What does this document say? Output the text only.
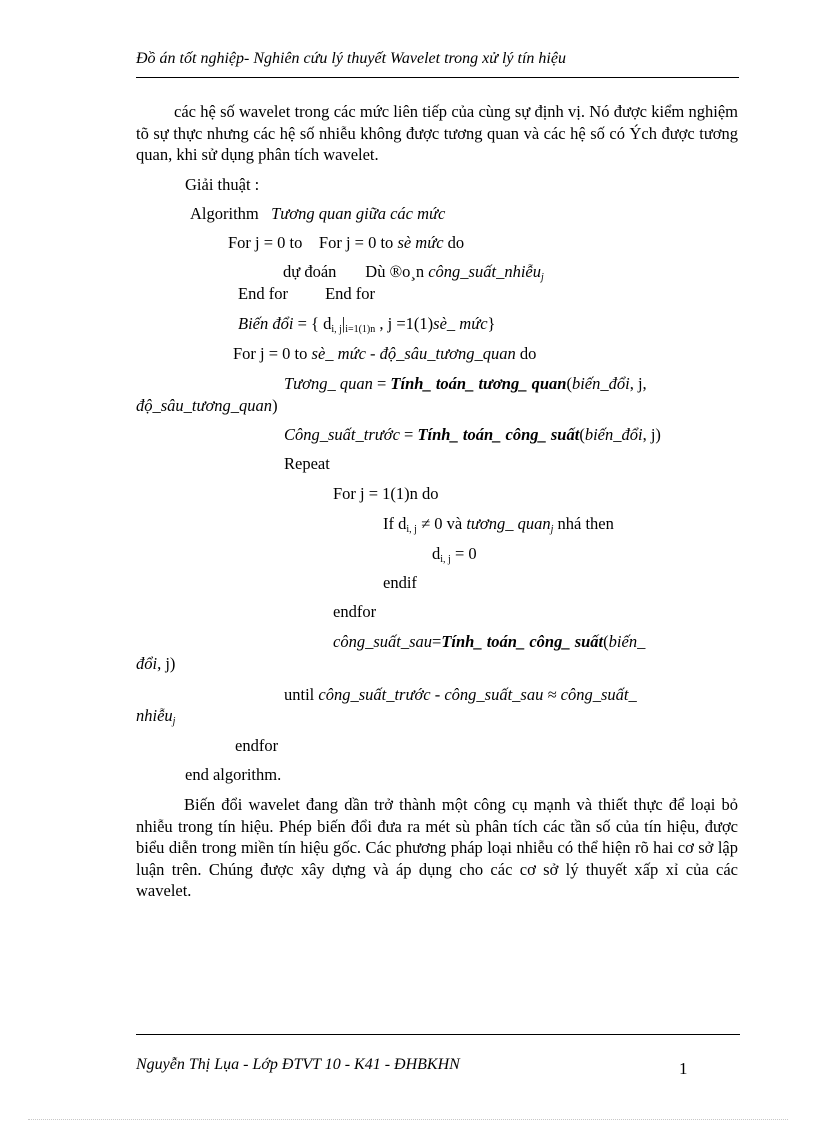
Đồ án tốt nghiệp- Nghiên cứu lý thuyết Wavelet trong xử lý tín hiệu
các hệ số wavelet trong các mức liên tiếp của cùng sự định vị. Nó được kiểm nghiệm tõ sự thực nhưng các hệ số nhiễu không được tương quan và các hệ số có Ých được tương quan, khi sử dụng phân tích wavelet.
Giải thuật :
Algorithm Tương quan giữa các mức
For j = 0 to For j = 0 to sè mức do
dự đoán Dù ®o¸n công_suất_nhiễu$_j$
End for End for
Biến đổi = { $d_{i, j}|_{i=1(1)n}$ , j =1(1)sè_ mức}
For j = 0 to sè_ mức - độ_sâu_tương_quan do
Tương_ quan = Tính_ toán_ tương_ quan(biến_đổi, j,
độ_sâu_tương_quan)
Công_suất_trước = Tính_ toán_ công_ suất(biến_đổi, j)
Repeat
For j = 1(1)n do
If $d_{i, j} \ne 0$ và tương_ quan$_j$ nhá then
$d_{i, j} = 0$
endif
endfor
công_suất_sau=Tính_ toán_ công_ suất(biến_
đổi, j)
until công_suất_trước - công_suất_sau ≈ công_suất_
nhiễu$_j$
endfor
end algorithm.
Biến đổi wavelet đang dần trở thành một công cụ mạnh và thiết thực để loại bỏ nhiễu trong tín hiệu. Phép biến đổi đưa ra mét sù phân tích các tần số của tín hiệu, được biểu diễn trong miền tín hiệu gốc. Các phương pháp loại nhiễu có thể hiện rõ hai cơ sở lập luận trên. Chúng được xây dựng và áp dụng cho các cơ sở lý thuyết xấp xỉ của các wavelet.
Nguyễn Thị Lụa - Lớp ĐTVT 10 - K41 - ĐHBKHN	1
